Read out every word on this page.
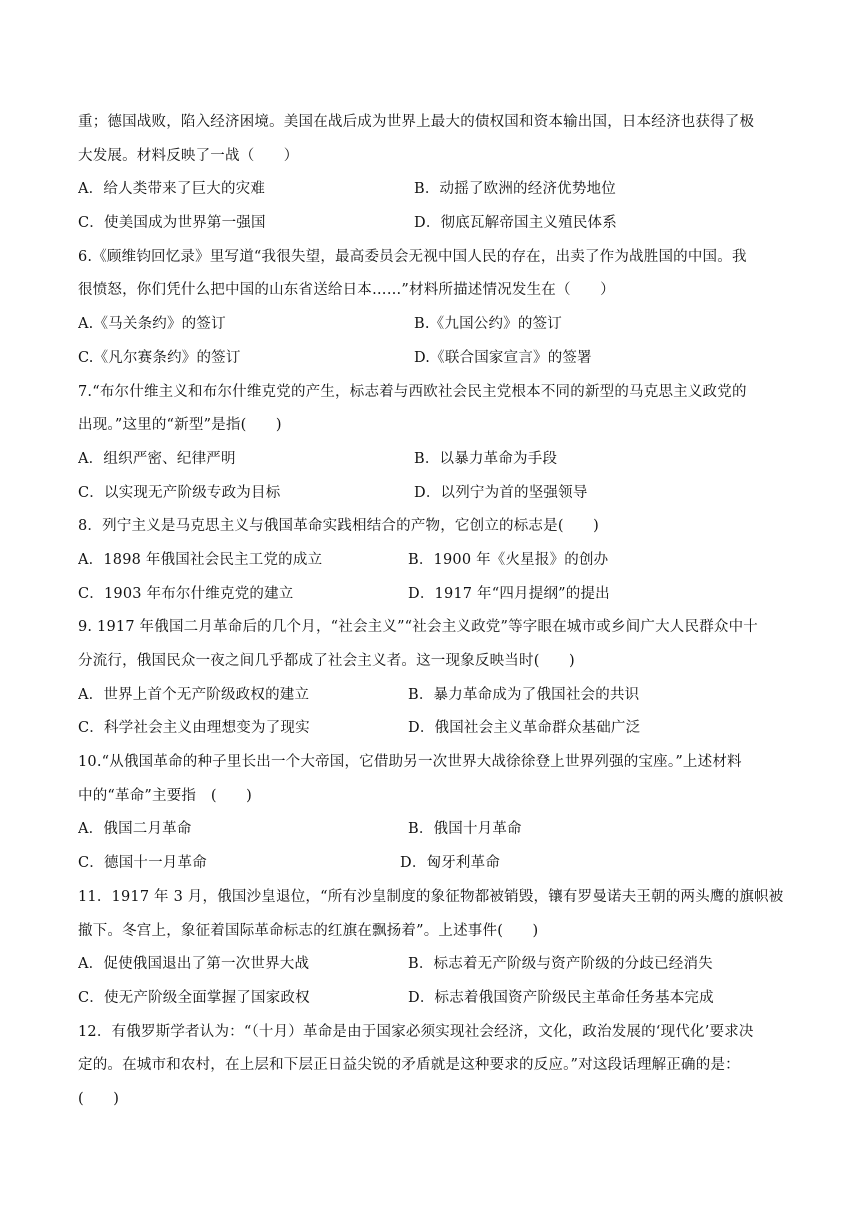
重；德国战败，陷入经济困境。美国在战后成为世界上最大的债权国和资本输出国，日本经济也获得了极
大发展。材料反映了一战（　　）
A．给人类带来了巨大的灾难	B．动摇了欧洲的经济优势地位
C．使美国成为世界第一强国	D．彻底瓦解帝国主义殖民体系
6.《顾维钧回忆录》里写道“我很失望，最高委员会无视中国人民的存在，出卖了作为战胜国的中国。我
很愤怒，你们凭什么把中国的山东省送给日本……”材料所描述情况发生在（　　）
A.《马关条约》的签订	B.《九国公约》的签订
C.《凡尔赛条约》的签订	D.《联合国家宣言》的签署
7.“布尔什维主义和布尔什维克党的产生，标志着与西欧社会民主党根本不同的新型的马克思主义政党的
出现。”这里的“新型”是指(　　)
A．组织严密、纪律严明	B．以暴力革命为手段
C．以实现无产阶级专政为目标	D．以列宁为首的坚强领导
8．列宁主义是马克思主义与俄国革命实践相结合的产物，它创立的标志是(　　)
A．1898 年俄国社会民主工党的成立	B．1900 年《火星报》的创办
C．1903 年布尔什维克党的建立	D．1917 年“四月提纲”的提出
9. 1917 年俄国二月革命后的几个月，“社会主义”“社会主义政党”等字眼在城市或乡间广大人民群众中十
分流行，俄国民众一夜之间几乎都成了社会主义者。这一现象反映当时(　　)
A．世界上首个无产阶级政权的建立	B．暴力革命成为了俄国社会的共识
C．科学社会主义由理想变为了现实	D．俄国社会主义革命群众基础广泛
10.“从俄国革命的种子里长出一个大帝国，它借助另一次世界大战徐徐登上世界列强的宝座。”上述材料
中的“革命”主要指　(　　)
A．俄国二月革命	B．俄国十月革命
C．德国十一月革命	D．匈牙利革命
11．1917 年 3 月，俄国沙皇退位，“所有沙皇制度的象征物都被销毁，镶有罗曼诺夫王朝的两头鹰的旗帜被
撤下。冬宫上，象征着国际革命标志的红旗在飘扬着”。上述事件(　　)
A．促使俄国退出了第一次世界大战	B．标志着无产阶级与资产阶级的分歧已经消失
C．使无产阶级全面掌握了国家政权	D．标志着俄国资产阶级民主革命任务基本完成
12．有俄罗斯学者认为：“（十月）革命是由于国家必须实现社会经济，文化，政治发展的‘现代化’要求决
定的。在城市和农村，在上层和下层正日益尖锐的矛盾就是这种要求的反应。”对这段话理解正确的是：
(　　)
